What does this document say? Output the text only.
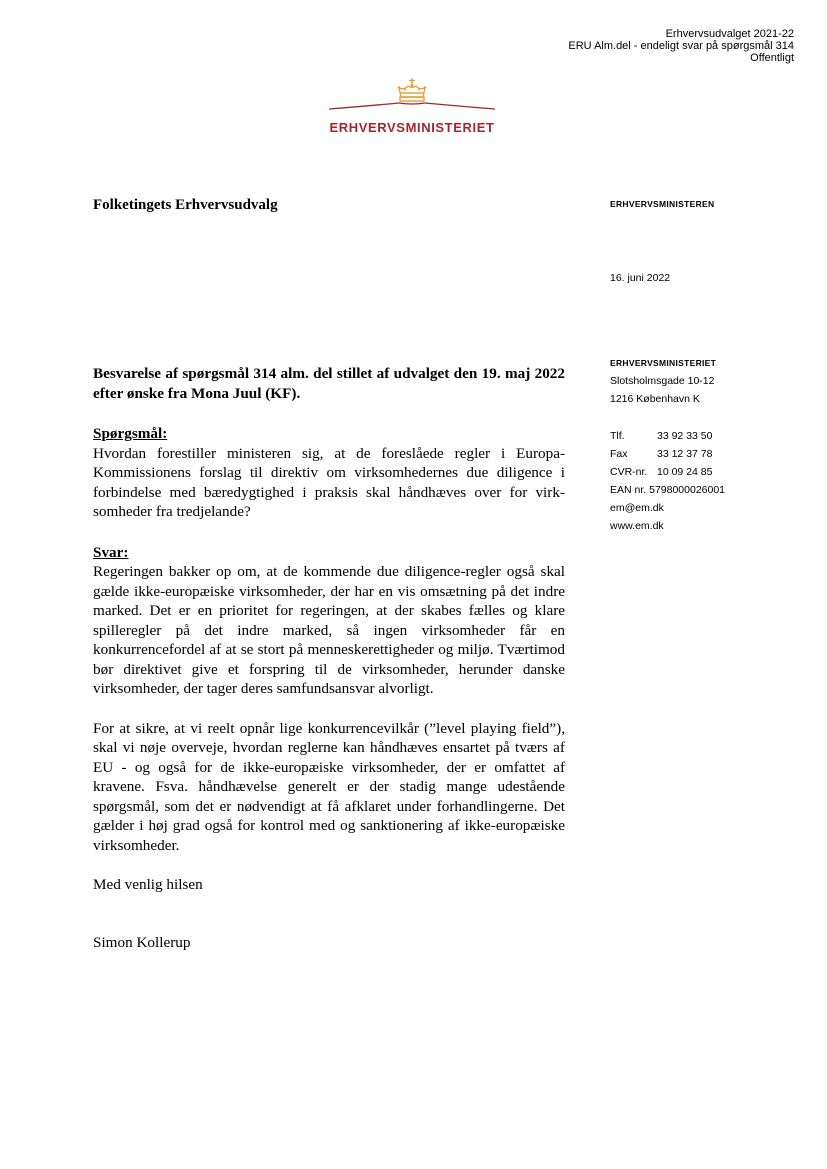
Erhvervsudvalget 2021-22
ERU Alm.del - endeligt svar på spørgsmål 314
Offentligt
ERHVERVSMINISTERIET
Folketingets Erhvervsudvalg	ERHVERVSMINISTEREN
16. juni 2022
ERHVERVSMINISTERIET
Slotsholmsgade 10-12
1216 København K
Tlf.	33 92 33 50
Fax	33 12 37 78
CVR-nr. 10 09 24 85
EAN nr. 5798000026001
em@em.dk
www.em.dk

Besvarelse af spørgsmål 314 alm. del stillet af udvalget den 19. maj 2022 efter ønske fra Mona Juul (KF).

Spørgsmål:

Hvordan forestiller ministeren sig, at de foreslåede regler i Europa-Kommissionens forslag til direktiv om virksomhedernes due diligence i forbindelse med bæredygtighed i praksis skal håndhæves over for virksomheder fra tredjelande?

Svar:

Regeringen bakker op om, at de kommende due diligence-regler også skal gælde ikke-europæiske virksomheder, der har en vis omsætning på det indre marked. Det er en prioritet for regeringen, at der skabes fælles og klare spilleregler på det indre marked, så ingen virksomheder får en konkurrencefordel af at se stort på menneskerettigheder og miljø. Tværtimod bør direktivet give et forspring til de virksomheder, herunder danske virksomheder, der tager deres samfundsansvar alvorligt.

For at sikre, at vi reelt opnår lige konkurrencevilkår (”level playing field”), skal vi nøje overveje, hvordan reglerne kan håndhæves ensartet på tværs af EU - og også for de ikke-europæiske virksomheder, der er omfattet af kravene. Fsva. håndhævelse generelt er der stadig mange udestående spørgsmål, som det er nødvendigt at få afklaret under forhandlingerne. Det gælder i høj grad også for kontrol med og sanktionering af ikke-europæiske virksomheder.

Med venlig hilsen
Simon Kollerup
